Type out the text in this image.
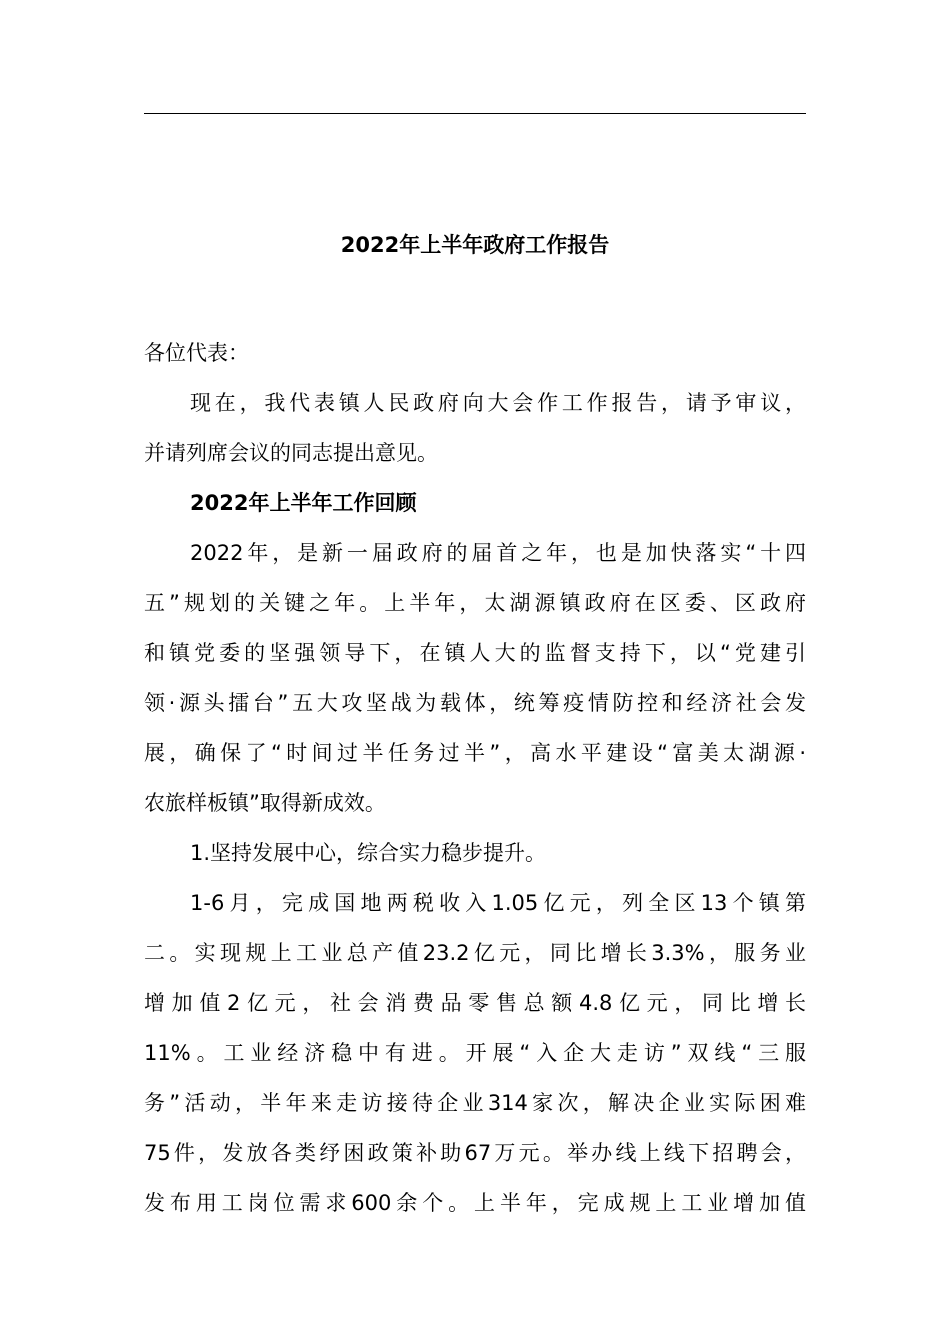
2022年上半年政府工作报告
各位代表：
现在，我代表镇人民政府向大会作工作报告，请予审议，
并请列席会议的同志提出意见。
2022年上半年工作回顾
2022年，是新一届政府的届首之年，也是加快落实“十四
五”规划的关键之年。上半年，太湖源镇政府在区委、区政府
和镇党委的坚强领导下，在镇人大的监督支持下，以“党建引
领·源头擂台”五大攻坚战为载体，统筹疫情防控和经济社会发
展，确保了“时间过半任务过半”，高水平建设“富美太湖源·
农旅样板镇”取得新成效。
1.坚持发展中心，综合实力稳步提升。
1-6月，完成国地两税收入1.05亿元，列全区13个镇第
二。实现规上工业总产值23.2亿元，同比增长3.3%，服务业
增加值2亿元，社会消费品零售总额4.8亿元，同比增长
11%。工业经济稳中有进。开展“入企大走访”双线“三服
务”活动，半年来走访接待企业314家次，解决企业实际困难
75件，发放各类纾困政策补助67万元。举办线上线下招聘会，
发布用工岗位需求600余个。上半年，完成规上工业增加值
